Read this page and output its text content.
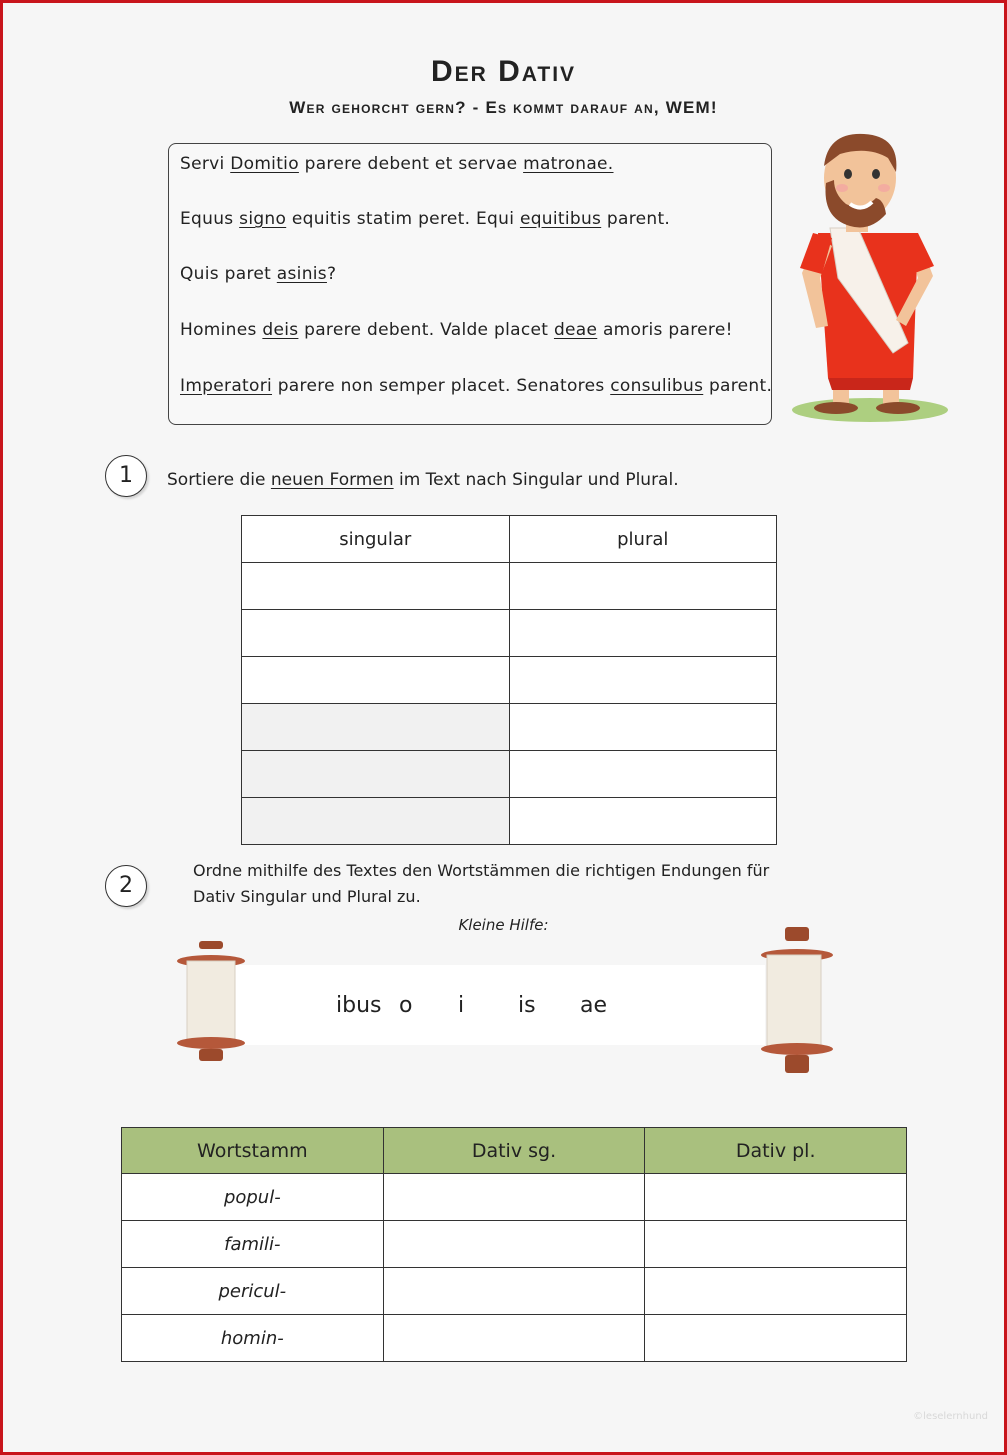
Der Dativ
Wer gehorcht gern? - Es kommt darauf an, WEM!
Servi Domitio parere debent et servae matronae.
Equus signo equitis statim peret. Equi equitibus parent.
Quis paret asinis?
Homines deis parere debent. Valde placet deae amoris parere!
Imperatori parere non semper placet. Senatores consulibus parent.
1	Sortiere die neuen Formen im Text nach Singular und Plural.
singular	plural

2
Ordne mithilfe des Textes den Wortstämmen die richtigen Endungen für
Dativ Singular und Plural zu.
Kleine Hilfe:
ibus o i is ae
Wortstamm	Dativ sg.	Dativ pl.
popul-		
famili-		
pericul-		
homin-		
©leselernhund
